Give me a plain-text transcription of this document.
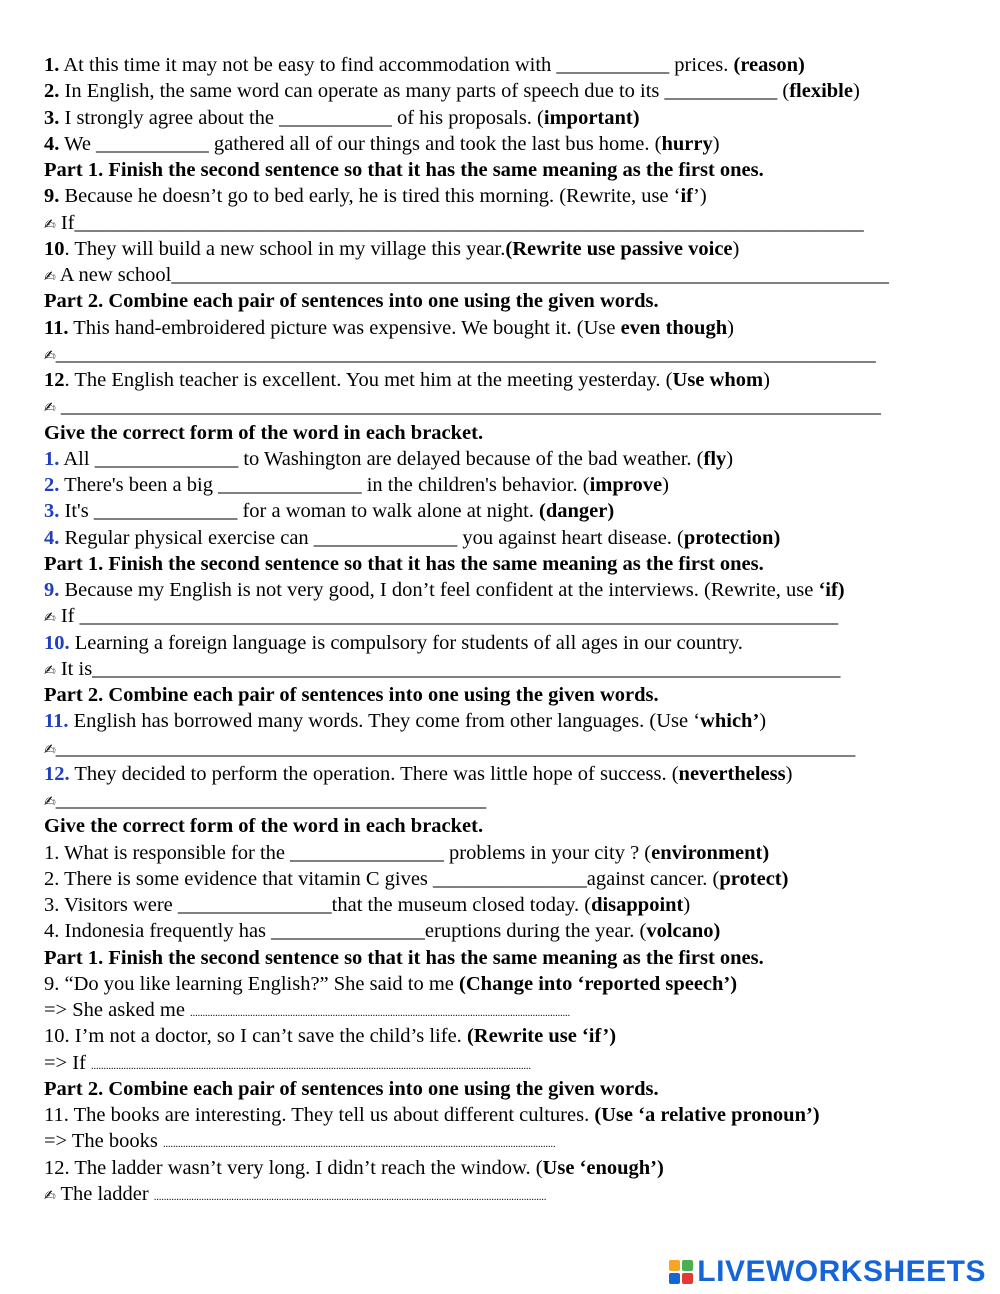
1. At this time it may not be easy to find accommodation with ___________ prices. (reason)
2. In English, the same word can operate as many parts of speech due to its ___________ (flexible)
3. I strongly agree about the ___________ of his proposals. (important)
4. We ___________ gathered all of our things and took the last bus home. (hurry)
Part 1. Finish the second sentence so that it has the same meaning as the first ones.
9. Because he doesn’t go to bed early, he is tired this morning. (Rewrite, use ‘if’)
✍ If_____________________________________________________________________________
10. They will build a new school in my village this year.(Rewrite use passive voice)
✍ A new school______________________________________________________________________
Part 2. Combine each pair of sentences into one using the given words.
11. This hand-embroidered picture was expensive. We bought it. (Use even though)
✍________________________________________________________________________________
12. The English teacher is excellent. You met him at the meeting yesterday. (Use whom)
✍ ________________________________________________________________________________
Give the correct form of the word in each bracket.
1. All ______________ to Washington are delayed because of the bad weather. (fly)
2. There's been a big ______________ in the children's behavior. (improve)
3. It's ______________ for a woman to walk alone at night. (danger)
4. Regular physical exercise can ______________ you against heart disease. (protection)
Part 1. Finish the second sentence so that it has the same meaning as the first ones.
9. Because my English is not very good, I don’t feel confident at the interviews. (Rewrite, use ‘if)
✍ If __________________________________________________________________________
10. Learning a foreign language is compulsory for students of all ages in our country.
✍ It is_________________________________________________________________________
Part 2. Combine each pair of sentences into one using the given words.
11. English has borrowed many words. They come from other languages. (Use ‘which’)
✍______________________________________________________________________________
12. They decided to perform the operation. There was little hope of success. (nevertheless)
✍__________________________________________
Give the correct form of the word in each bracket.
1. What is responsible for the _______________ problems in your city ? (environment)
2. There is some evidence that vitamin C gives _______________against cancer. (protect)
3. Visitors were _______________that the museum closed today. (disappoint)
4. Indonesia frequently has _______________eruptions during the year. (volcano)
Part 1. Finish the second sentence so that it has the same meaning as the first ones.
9. “Do you like learning English?” She said to me (Change into ‘reported speech’)
=> She asked me ........................................................................................................................................................
10. I’m not a doctor, so I can’t save the child’s life. (Rewrite use ‘if’)
=> If ................................................................................................................................................................................
Part 2. Combine each pair of sentences into one using the given words.
11. The books are interesting. They tell us about different cultures. (Use ‘a relative pronoun’)
=> The books .............................................................................................................................................................
12. The ladder wasn’t very long. I didn’t reach the window. (Use ‘enough’)
✍ The ladder .............................................................................................................................................................
LIVEWORKSHEETS
